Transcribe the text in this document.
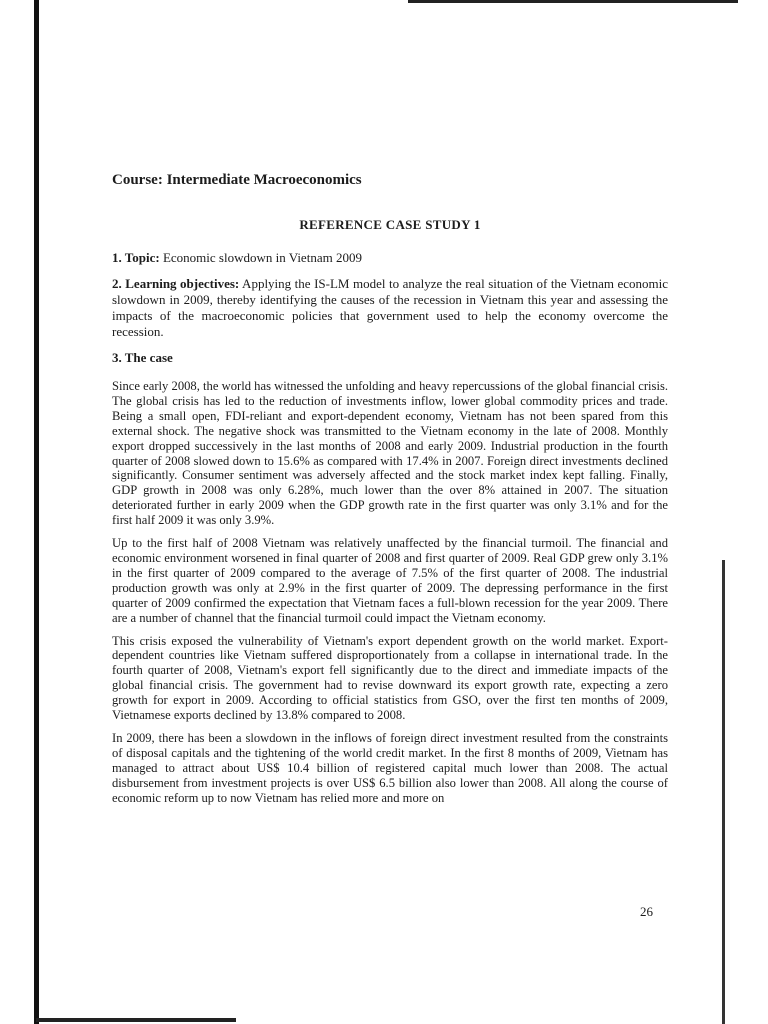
Course: Intermediate Macroeconomics
REFERENCE CASE STUDY 1
1. Topic: Economic slowdown in Vietnam 2009
2. Learning objectives: Applying the IS-LM model to analyze the real situation of the Vietnam economic slowdown in 2009, thereby identifying the causes of the recession in Vietnam this year and assessing the impacts of the macroeconomic policies that government used to help the economy overcome the recession.
3. The case

Since early 2008, the world has witnessed the unfolding and heavy repercussions of the global financial crisis. The global crisis has led to the reduction of investments inflow, lower global commodity prices and trade. Being a small open, FDI-reliant and export-dependent economy, Vietnam has not been spared from this external shock. The negative shock was transmitted to the Vietnam economy in the late of 2008. Monthly export dropped successively in the last months of 2008 and early 2009. Industrial production in the fourth quarter of 2008 slowed down to 15.6% as compared with 17.4% in 2007. Foreign direct investments declined significantly. Consumer sentiment was adversely affected and the stock market index kept falling. Finally, GDP growth in 2008 was only 6.28%, much lower than the over 8% attained in 2007. The situation deteriorated further in early 2009 when the GDP growth rate in the first quarter was only 3.1% and for the first half 2009 it was only 3.9%.

Up to the first half of 2008 Vietnam was relatively unaffected by the financial turmoil. The financial and economic environment worsened in final quarter of 2008 and first quarter of 2009. Real GDP grew only 3.1% in the first quarter of 2009 compared to the average of 7.5% of the first quarter of 2008. The industrial production growth was only at 2.9% in the first quarter of 2009. The depressing performance in the first quarter of 2009 confirmed the expectation that Vietnam faces a full-blown recession for the year 2009. There are a number of channel that the financial turmoil could impact the Vietnam economy.

This crisis exposed the vulnerability of Vietnam's export dependent growth on the world market. Export-dependent countries like Vietnam suffered disproportionately from a collapse in international trade. In the fourth quarter of 2008, Vietnam's export fell significantly due to the direct and immediate impacts of the global financial crisis. The government had to revise downward its export growth rate, expecting a zero growth for export in 2009. According to official statistics from GSO, over the first ten months of 2009, Vietnamese exports declined by 13.8% compared to 2008.

In 2009, there has been a slowdown in the inflows of foreign direct investment resulted from the constraints of disposal capitals and the tightening of the world credit market. In the first 8 months of 2009, Vietnam has managed to attract about US$ 10.4 billion of registered capital much lower than 2008. The actual disbursement from investment projects is over US$ 6.5 billion also lower than 2008. All along the course of economic reform up to now Vietnam has relied more and more on

26
